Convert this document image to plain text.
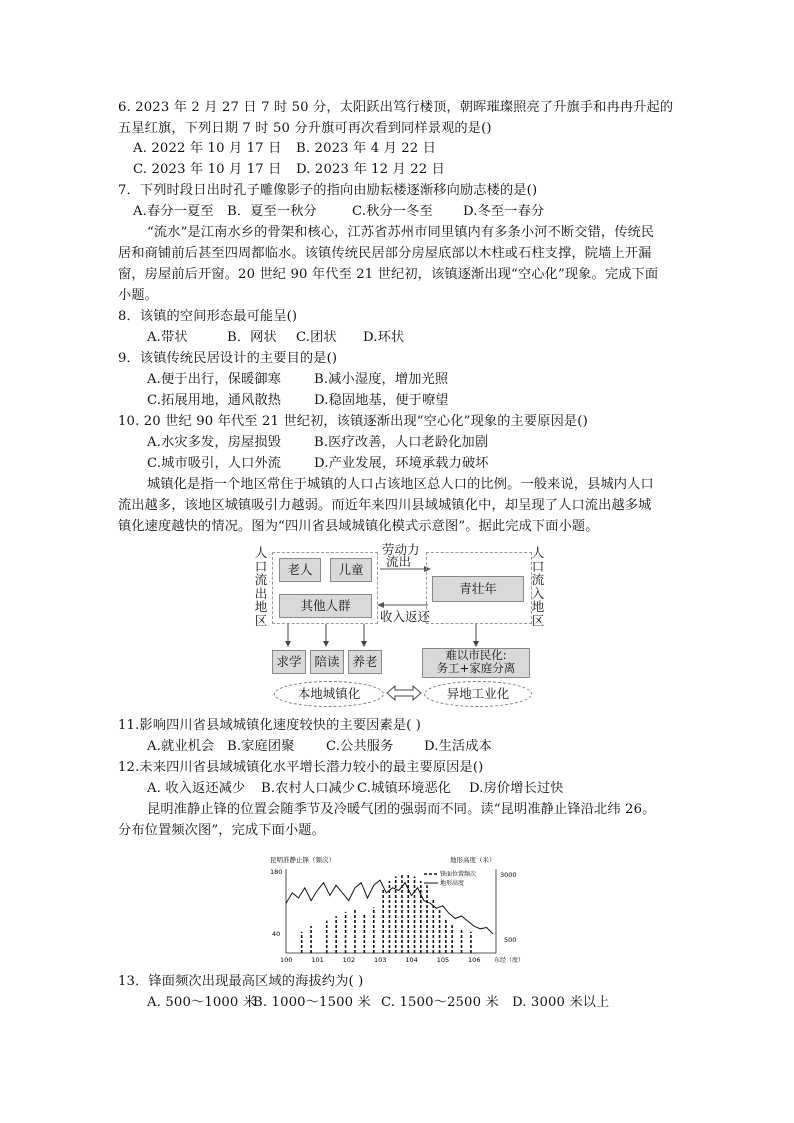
6. 2023 年 2 月 27 日 7 时 50 分，太阳跃出笃行楼顶，朝晖璀璨照亮了升旗手和冉冉升起的
五星红旗，下列日期 7 时 50 分升旗可再次看到同样景观的是()
A. 2022 年 10 月 17 日 B. 2023 年 4 月 22 日
C. 2023 年 10 月 17 日 D. 2023 年 12 月 22 日
7．下列时段日出时孔子雕像影子的指向由励耘楼逐渐移向励志楼的是()
A.春分一夏至 B．夏至一秋分	C.秋分一冬至 D.冬至一春分
“流水”是江南水乡的骨架和核心，江苏省苏州市同里镇内有多条小河不断交错，传统民
居和商铺前后甚至四周都临水。该镇传统民居部分房屋底部以木柱或石柱支撑，院墙上开漏
窗，房屋前后开窗。20 世纪 90 年代至 21 世纪初，该镇逐渐出现“空心化”现象。完成下面
小题。
8．该镇的空间形态最可能呈()
A.带状	B．网状 C.团状 D.环状
9．该镇传统民居设计的主要目的是()
A.便于出行，保暖御寒 B.减小湿度，增加光照
C.拓展用地，通风散热 D.稳固地基，便于嘹望
10. 20 世纪 90 年代至 21 世纪初，该镇逐渐出现“空心化”现象的主要原因是()
A.水灾多发，房屋损毁 B.医疗改善，人口老龄化加剧
C.城市吸引，人口外流 D.产业发展，环境承载力破坏
城镇化是指一个地区常住于城镇的人口占该地区总人口的比例。一般来说，县城内人口
流出越多，该地区城镇吸引力越弱。而近年来四川县域城镇化中，却呈现了人口流出越多城
镇化速度越快的情况。图为“四川省县域城镇化模式示意图”。据此完成下面小题。
人口流出地区
老人	儿童
其他人群
劳动力
流出
收入返还
青壮年
人口流入地区
求学	陪读	养老	难以市民化:
务工+家庭分离
本地城镇化	异地工业化
11.影响四川省县域城镇化速度较快的主要因素是( )
A.就业机会 B.家庭团聚 C.公共服务 D.生活成本
12.未来四川省县域城镇化水平增长潜力较小的最主要原因是()
A. 收入返还减少 B.农村人口减少 C.城镇环境恶化 D.房价增长过快
昆明准静止锋的位置会随季节及冷暖气团的强弱而不同。读“昆明准静止锋沿北纬 26。
分布位置频次图”，完成下面小题。
昆明准静止锋（频次）	地形高度（米）
180
40
3000
500
100	101	102	103	104	105	106 东经（度）
锋面位置频次
地形高度
13．锋面频次出现最高区域的海拔约为( )
A. 500～1000 米
B. 1000～1500 米 C. 1500～2500 米 D. 3000 米以上
